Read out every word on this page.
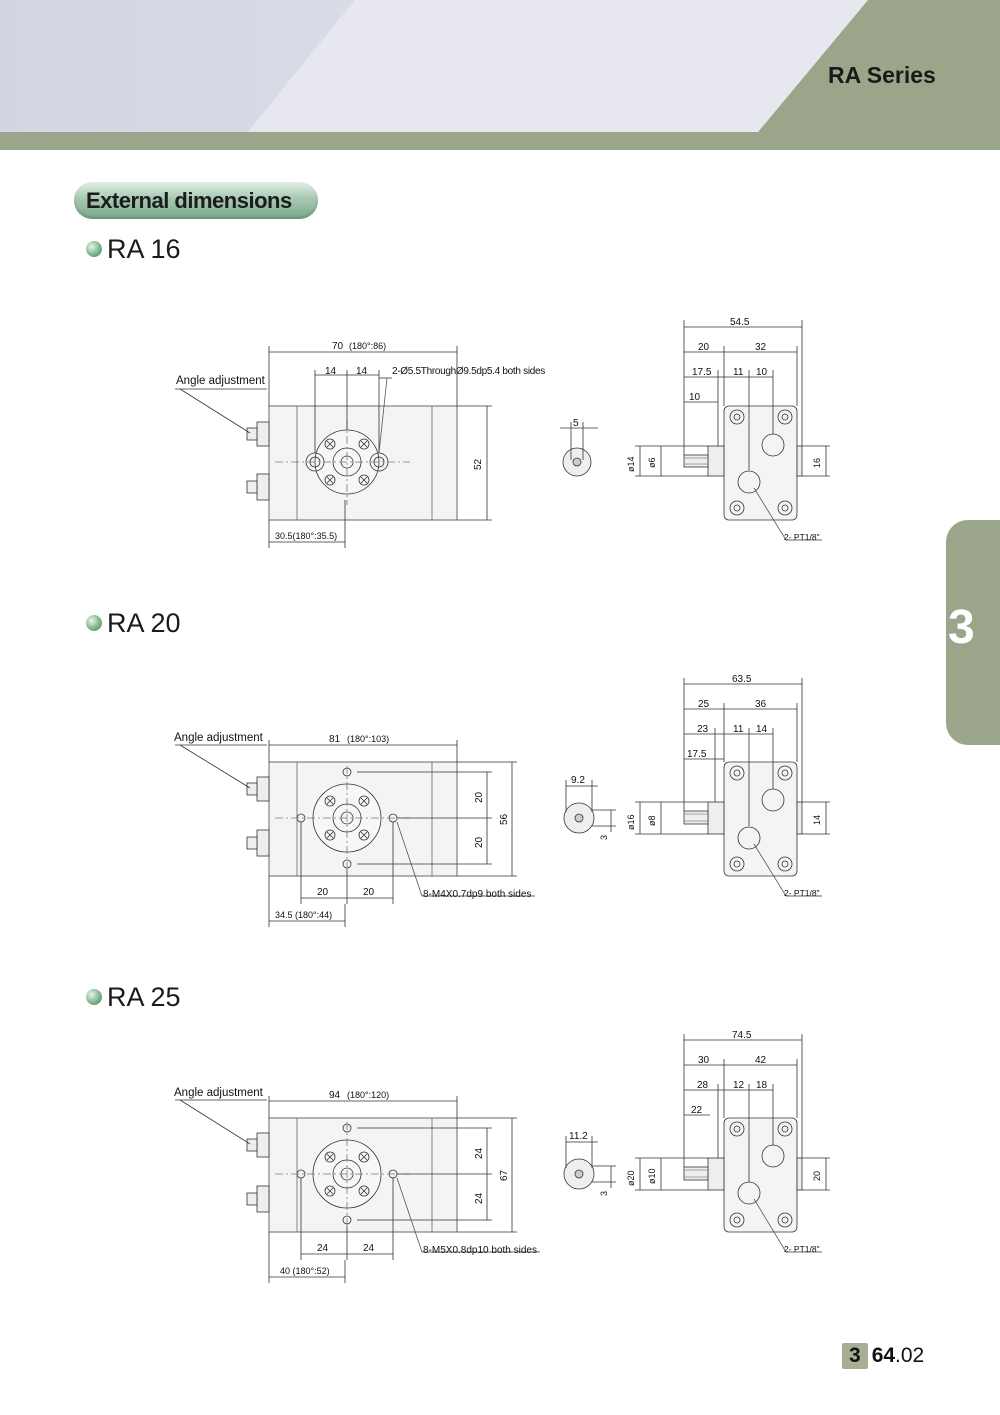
RA Series
External dimensions
RA 16
RA 20
RA 25
70 (180°:86)
14 14 2-Ø5.5ThroughØ9.5dp5.4 both sides
Angle adjustment
52
30.5(180°:35.5)
5
54.5
20	32
17.5 11 10
10
ø14 ø6	16
2- PT1/8"
Angle adjustment	81 (180°:103)
20
20
56
20	20	8-M4X0.7dp9 both sides
34.5 (180°:44)
9.2
3
63.5
25	36
23 11 14
17.5
ø16 ø8	14
2- PT1/8"
Angle adjustment	94 (180°:120)
24
24
67
24	24	8-M5X0.8dp10 both sides
40 (180°:52)
11.2
3
74.5
30	42
28 12 18
22
ø20 ø10	20
2- PT1/8"
3
3 64.02
